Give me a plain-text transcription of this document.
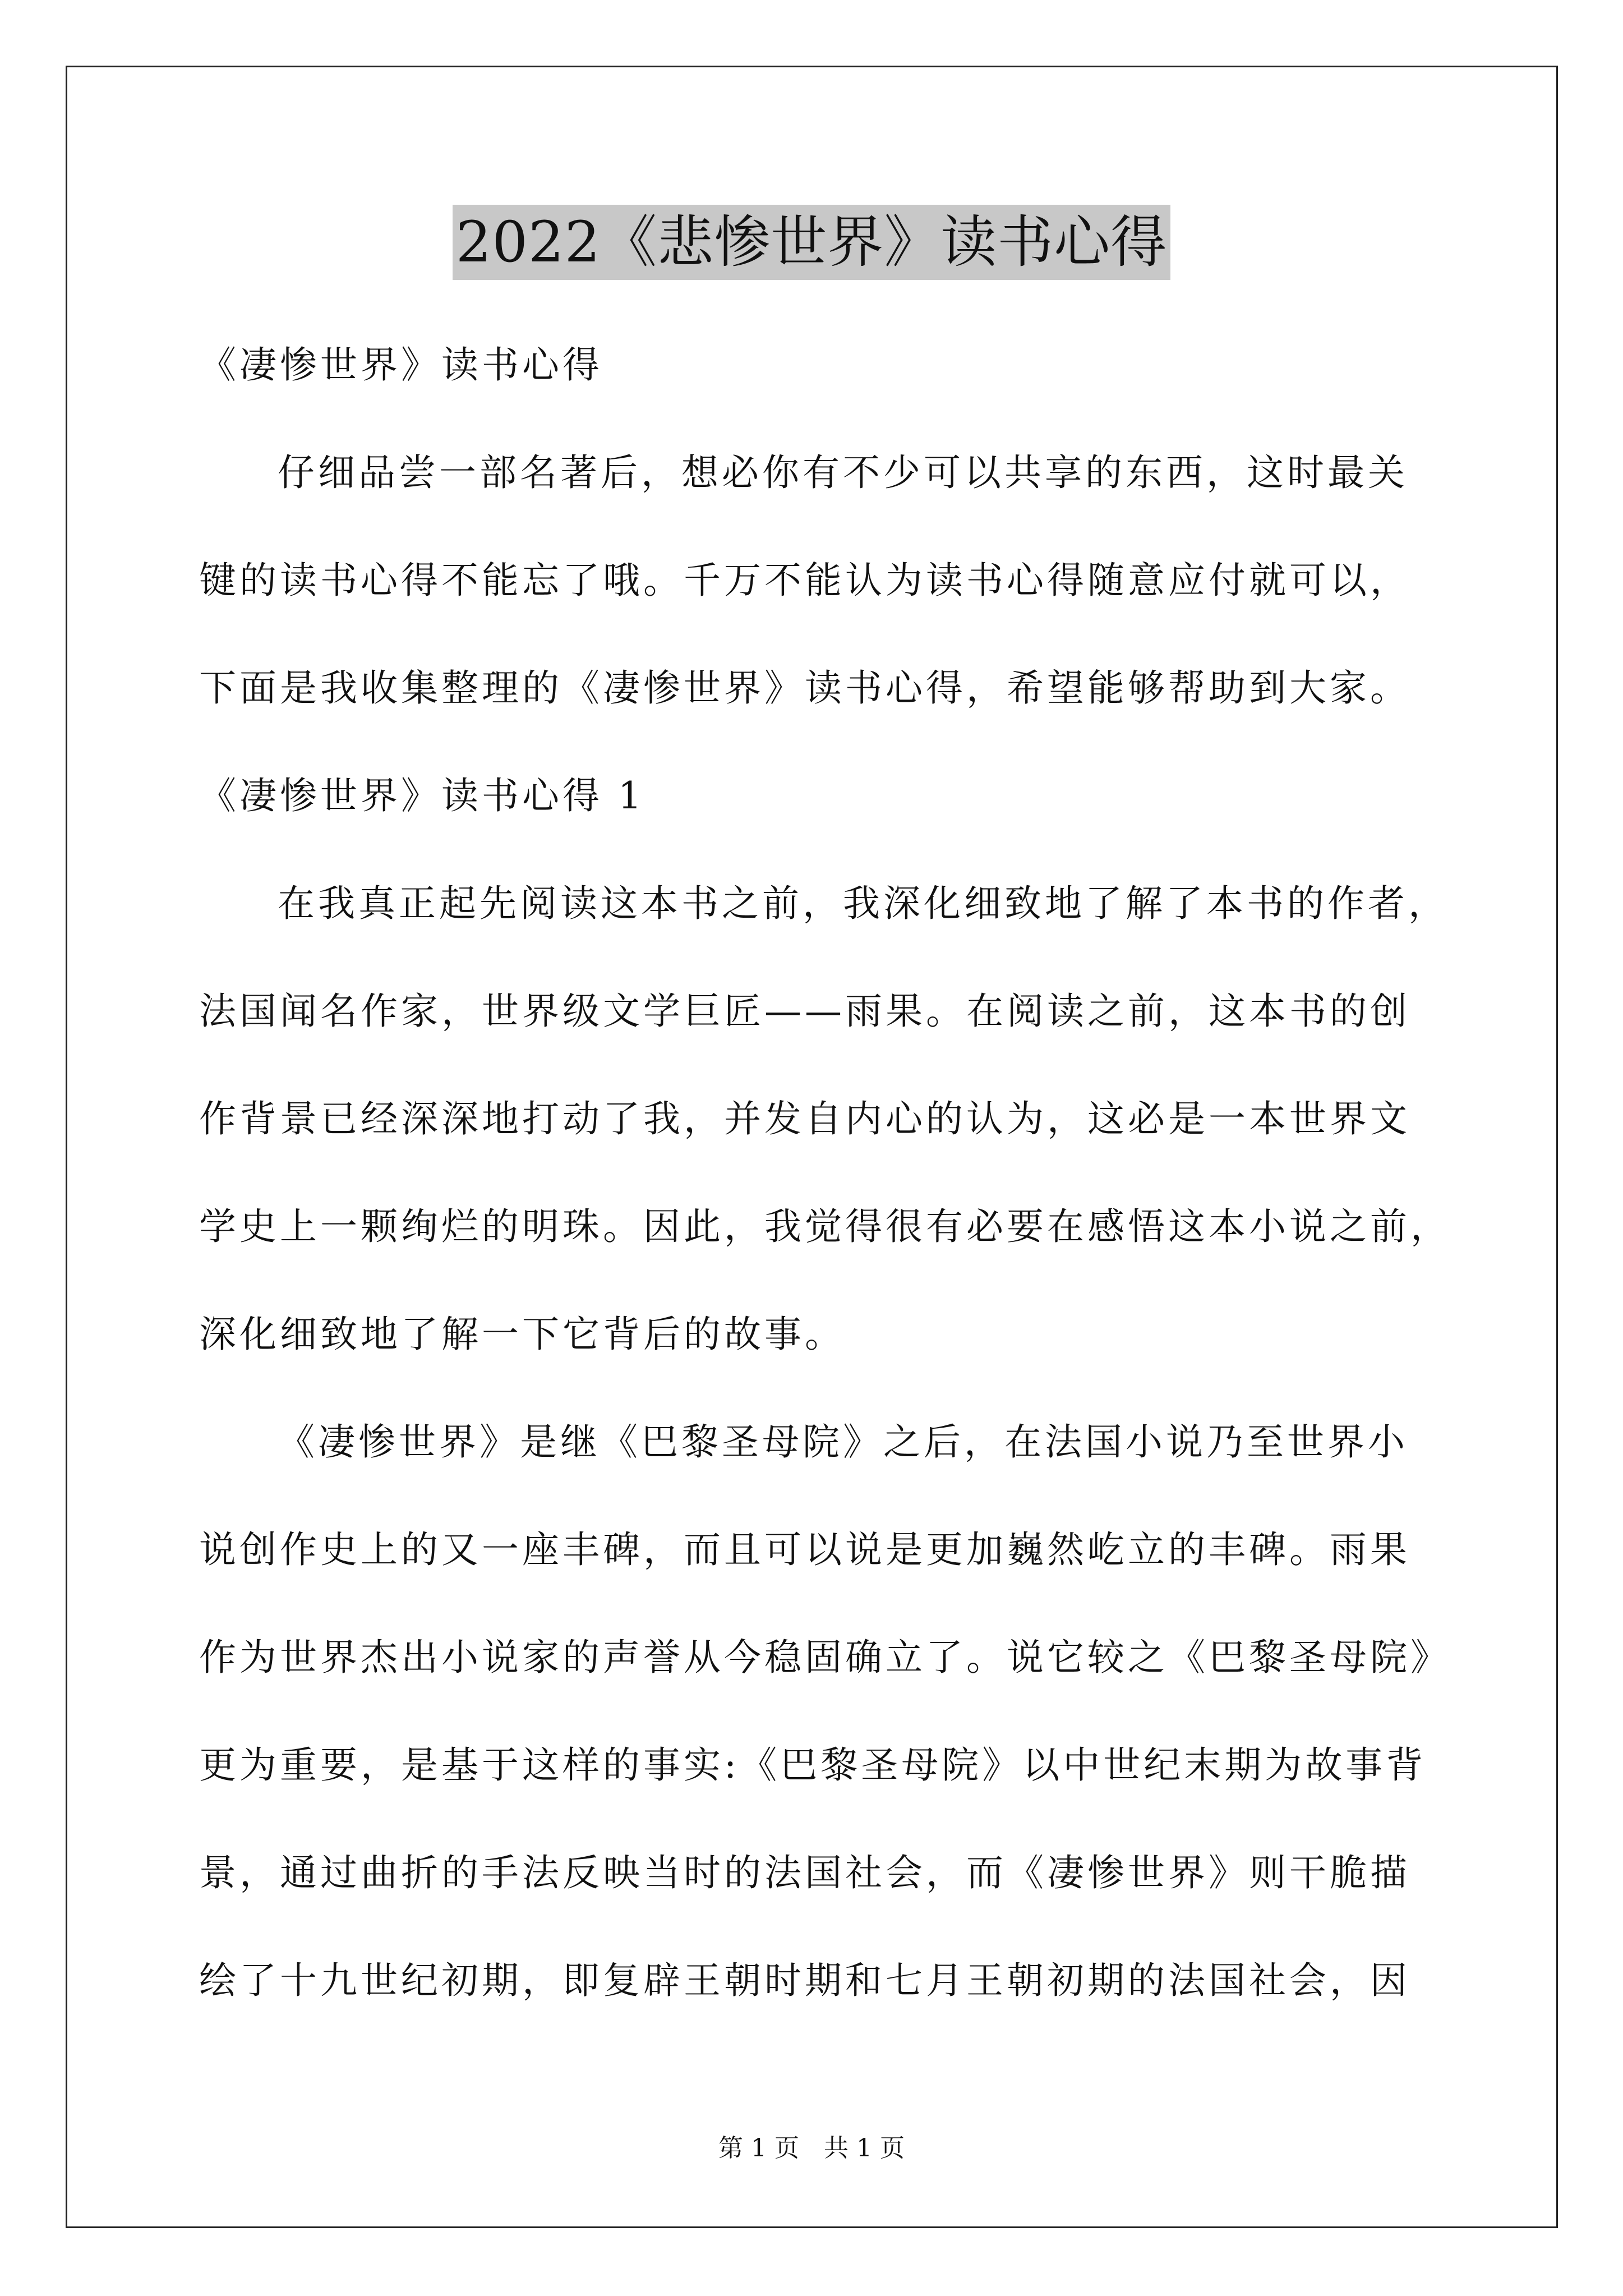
2022《悲惨世界》读书心得
《凄惨世界》读书心得
仔细品尝一部名著后，想必你有不少可以共享的东西，这时最关
键的读书心得不能忘了哦。千万不能认为读书心得随意应付就可以，
下面是我收集整理的《凄惨世界》读书心得，希望能够帮助到大家。
《凄惨世界》读书心得 1
在我真正起先阅读这本书之前，我深化细致地了解了本书的作者，
法国闻名作家，世界级文学巨匠——雨果。在阅读之前，这本书的创
作背景已经深深地打动了我，并发自内心的认为，这必是一本世界文
学史上一颗绚烂的明珠。因此，我觉得很有必要在感悟这本小说之前，
深化细致地了解一下它背后的故事。
《凄惨世界》是继《巴黎圣母院》之后，在法国小说乃至世界小
说创作史上的又一座丰碑，而且可以说是更加巍然屹立的丰碑。雨果
作为世界杰出小说家的声誉从今稳固确立了。说它较之《巴黎圣母院》
更为重要，是基于这样的事实:《巴黎圣母院》以中世纪末期为故事背
景，通过曲折的手法反映当时的法国社会，而《凄惨世界》则干脆描
绘了十九世纪初期，即复辟王朝时期和七月王朝初期的法国社会，因
第 1 页　共 1 页
